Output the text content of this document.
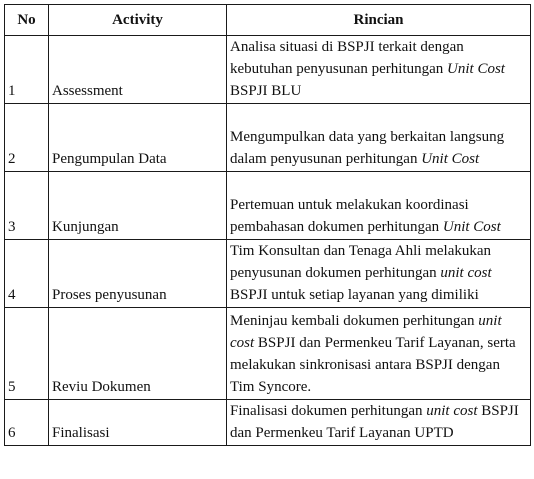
No	Activity	Rincian
1	Assessment	Analisa situasi di BSPJI terkait dengan kebutuhan penyusunan perhitungan Unit Cost BSPJI BLU
2	Pengumpulan Data	Mengumpulkan data yang berkaitan langsung dalam penyusunan perhitungan Unit Cost
3	Kunjungan	Pertemuan untuk melakukan koordinasi pembahasan dokumen perhitungan Unit Cost
4	Proses penyusunan	Tim Konsultan dan Tenaga Ahli melakukan penyusunan dokumen perhitungan unit cost BSPJI untuk setiap layanan yang dimiliki
5	Reviu Dokumen	Meninjau kembali dokumen perhitungan unit cost BSPJI dan Permenkeu Tarif Layanan, serta melakukan sinkronisasi antara BSPJI dengan Tim Syncore.
6	Finalisasi	Finalisasi dokumen perhitungan unit cost BSPJI dan Permenkeu Tarif Layanan UPTD
